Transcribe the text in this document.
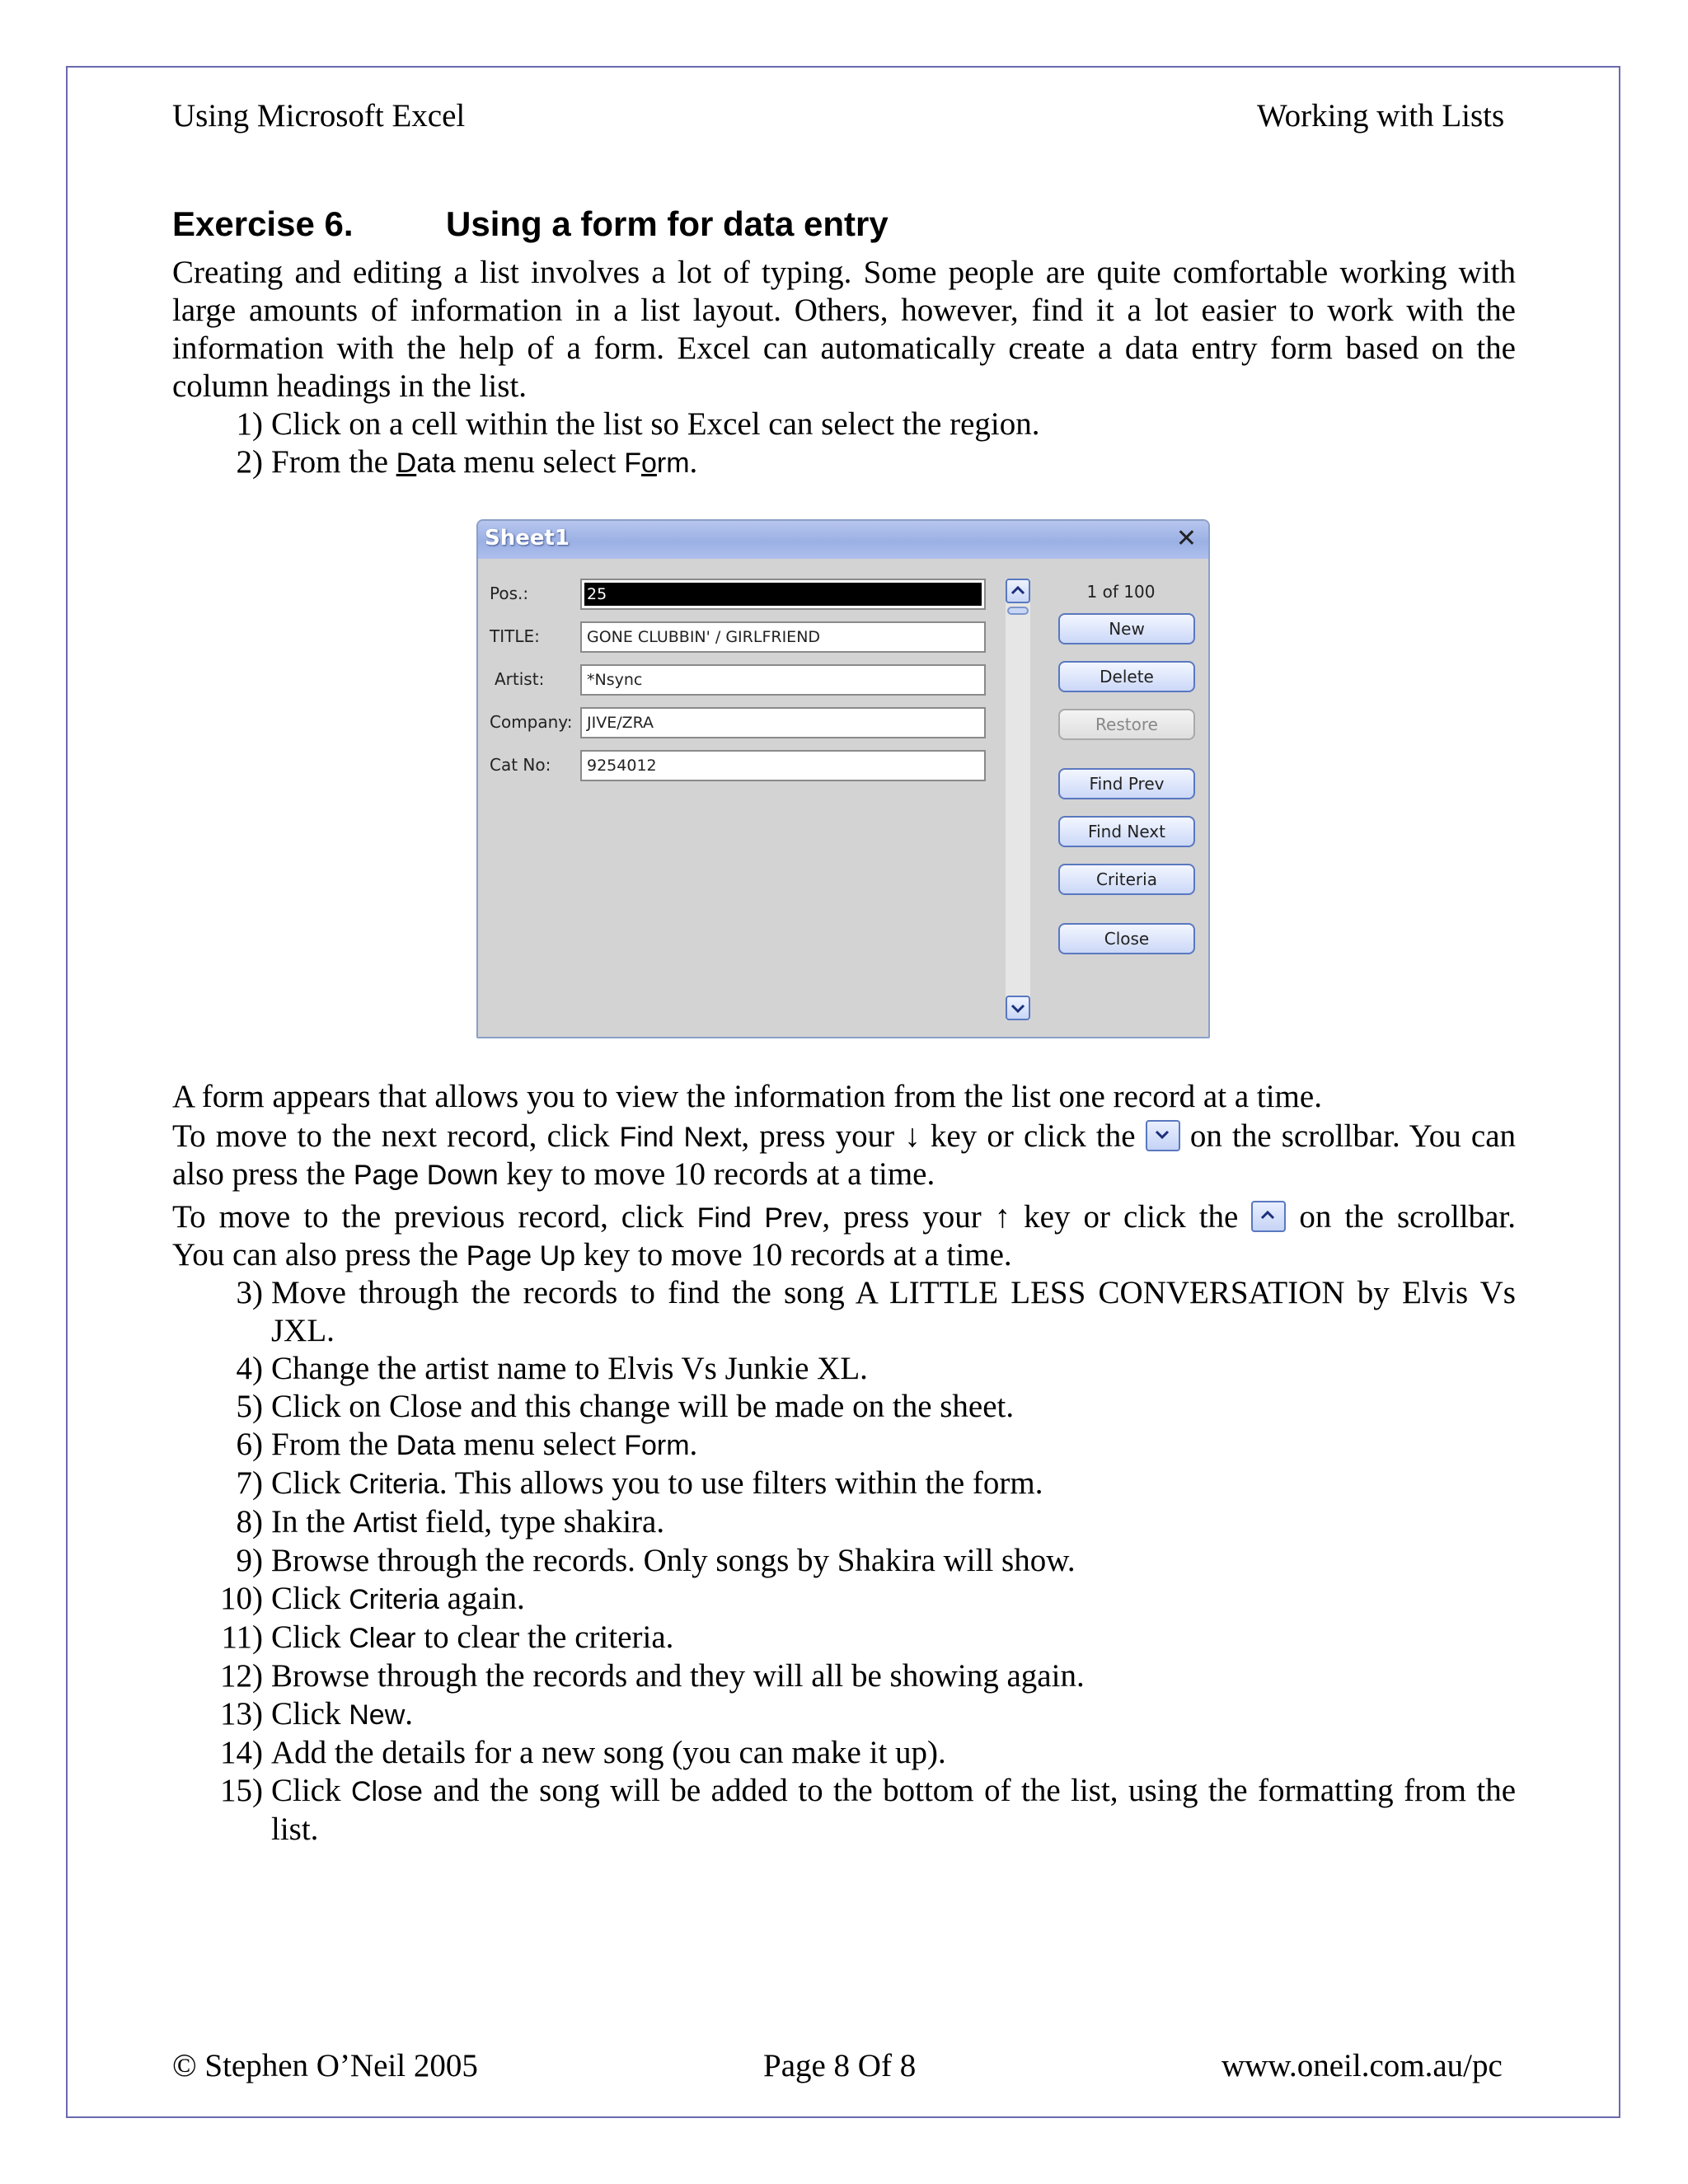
Using Microsoft Excel	Working with Lists
Exercise 6.	Using a form for data entry
Creating and editing a list involves a lot of typing. Some people are quite comfortable working with
large amounts of information in a list layout. Others, however, find it a lot easier to work with the
information with the help of a form. Excel can automatically create a data entry form based on the
column headings in the list.
1) Click on a cell within the list so Excel can select the region.
2) From the Data menu select Form.
Sheet1	✕
Pos.:	25
TITLE:	GONE CLUBBIN' / GIRLFRIEND
Artist:	*Nsync
Company: JIVE/ZRA
Cat No:	9254012
1 of 100
New
Delete
Restore
Find Prev
Find Next
Criteria
Close
A form appears that allows you to view the information from the list one record at a time.
To move to the next record, click Find Next, press your ↓ key or click the
on the scrollbar. You can
also press the Page Down key to move 10 records at a time.
To move to the previous record, click Find Prev, press your ↑ key or click the
on the scrollbar.
You can also press the Page Up key to move 10 records at a time.
3) Move through the records to find the song A LITTLE LESS CONVERSATION by Elvis Vs JXL.
4) Change the artist name to Elvis Vs Junkie XL.
5) Click on Close and this change will be made on the sheet.
6) From the Data menu select Form.
7) Click Criteria. This allows you to use filters within the form.
8) In the Artist field, type shakira.
9) Browse through the records. Only songs by Shakira will show.
10) Click Criteria again.
11) Click Clear to clear the criteria.
12) Browse through the records and they will all be showing again.
13) Click New.
14) Add the details for a new song (you can make it up).
15) Click Close and the song will be added to the bottom of the list, using the formatting from the list.
© Stephen O’Neil 2005	Page 8 Of 8	www.oneil.com.au/pc
